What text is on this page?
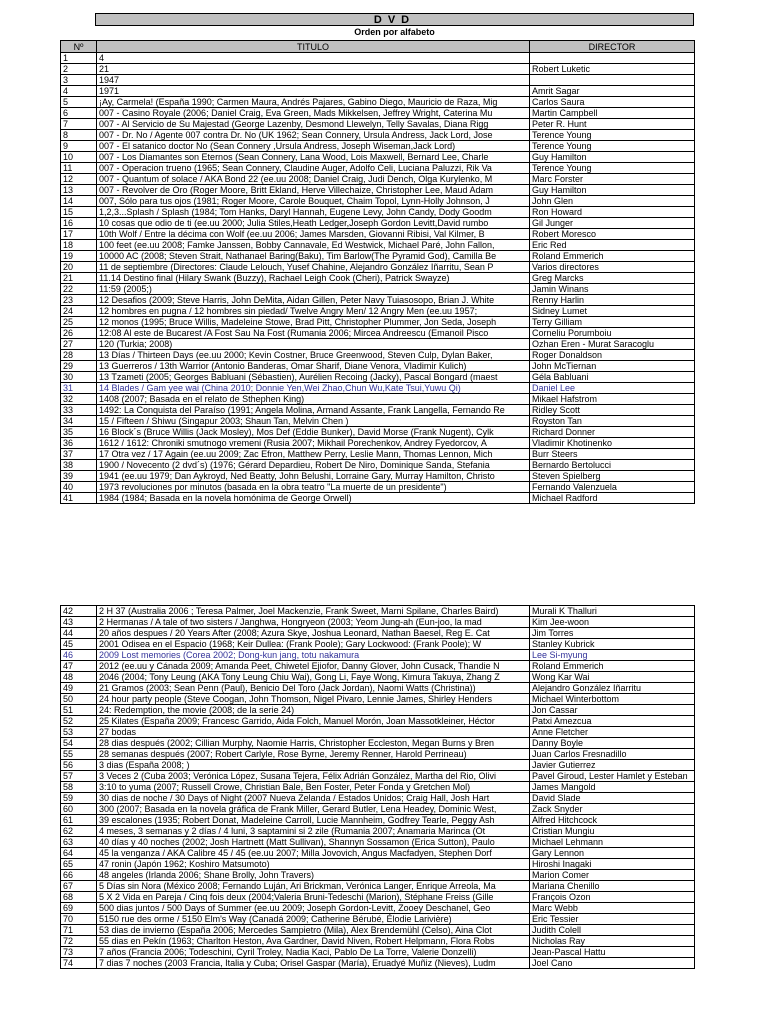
DVD
Orden por alfabeto
Nº	TITULO	DIRECTOR
1	4	
2	21	Robert Luketic
3	1947	
4	1971	Amrit Sagar
5	¡Ay, Carmela! (España 1990; Carmen Maura, Andrés Pajares, Gabino Diego, Mauricio de Raza, Mig	Carlos Saura
6	007 - Casino Royale (2006; Daniel Craig, Eva Green, Mads Mikkelsen, Jeffrey Wright, Caterina Mu	Martin Campbell
7	007 - Al Servicio de Su Majestad (George Lazenby, Desmond Llewelyn, Telly Savalas, Diana Rigg	Peter R. Hunt
8	007 - Dr. No / Agente 007 contra Dr. No (UK 1962; Sean Connery, Ursula Andress, Jack Lord, Jose	Terence Young
9	007 - El satanico doctor No (Sean Connery ,Ursula Andress, Joseph Wiseman,Jack Lord)	Terence Young
10	007 - Los Diamantes son Eternos (Sean Connery, Lana Wood, Lois Maxwell, Bernard Lee, Charle	Guy Hamilton
11	007 - Operacion trueno (1965; Sean Connery, Claudine Auger, Adolfo Celi, Luciana Paluzzi, Rik Va	Terence Young
12	007 - Quantum of solace / AKA Bond 22 (ee.uu 2008; Daniel Craig, Judi Dench, Olga Kurylenko, M	Marc Forster
13	007 - Revolver de Oro (Roger Moore, Britt Ekland, Herve Villechaize, Christopher Lee, Maud Adam	Guy Hamilton
14	007, Sólo para tus ojos (1981; Roger Moore, Carole Bouquet, Chaim Topol, Lynn-Holly Johnson, J	John Glen
15	1,2,3...Splash / Splash (1984; Tom Hanks, Daryl Hannah, Eugene Levy, John Candy, Dody Goodm	Ron Howard
16	10 cosas que odio de ti (ee.uu 2000; Julia Stiles,Heath Ledger,Joseph Gordon Levitt,David rumbo	Gil Junger
17	10th Wolf / Entre la décima con Wolf (ee.uu 2006; James Marsden, Giovanni Ribisi, Val Kilmer, B	Robert Moresco
18	100 feet (ee.uu 2008; Famke Janssen, Bobby Cannavale, Ed Westwick, Michael Paré, John Fallon,	Eric Red
19	10000 AC (2008; Steven Strait, Nathanael Baring(Baku), Tim Barlow(The Pyramid God), Camilla Be	Roland Emmerich
20	11 de septiembre (Directores: Claude Lelouch, Yusef Chahine, Alejandro González Iñarritu, Sean P	Varios directores
21	11.14 Destino final (Hilary Swank (Buzzy), Rachael Leigh Cook (Cheri), Patrick Swayze)	Greg Marcks
22	11:59 (2005;)	Jamin Winans
23	12 Desafios (2009; Steve Harris, John DeMita, Aidan Gillen, Peter Navy Tuiasosopo, Brian J. White	Renny Harlin
24	12 hombres en pugna / 12 hombres sin piedad/ Twelve Angry Men/ 12 Angry Men (ee.uu 1957;	Sidney Lumet
25	12 monos (1995; Bruce Willis, Madeleine Stowe, Brad Pitt, Christopher Plummer, Jon Seda, Joseph	Terry Gilliam
26	12:08 Al este de Bucarest /A Fost Sau Na Fost (Rumania 2006; Mircea Andreescu (Emanoil Pisco	Corneliu Porumboiu
27	120 (Turkia; 2008)	Ozhan Eren - Murat Saracoglu
28	13 Días / Thirteen Days (ee.uu 2000; Kevin Costner, Bruce Greenwood, Steven Culp, Dylan Baker,	Roger Donaldson
29	13 Guerreros / 13th Warrior (Antonio Banderas, Omar Sharif, Diane Venora, Vladimir Kulich)	John McTiernan
30	13 Tzameti (2005; Georges Babluani (Sébastien), Aurélien Recoing (Jacky), Pascal Bongard (maest	Géla Babluani
31	14 Blades / Gam yee wai (China 2010; Donnie Yen,Wei Zhao,Chun Wu,Kate Tsui,Yuwu Qi)	Daniel Lee
32	1408 (2007; Basada en el relato de Sthephen King)	Mikael Hafstrom
33	1492: La Conquista del Paraíso (1991; Angela Molina, Armand Assante, Frank Langella, Fernando Re	Ridley Scott
34	15 / Fifteen / Shiwu (Singapur 2003; Shaun Tan, Melvin Chen )	Royston Tan
35	16 Block´s (Bruce Willis (Jack Mosley), Mos Def (Eddie Bunker), David Morse (Frank Nugent), Cylk	Richard Donner
36	1612 / 1612: Chroniki smutnogo vremeni (Rusia 2007; Mikhail Porechenkov, Andrey Fyedorcov, A	Vladimir Khotinenko
37	17 Otra vez / 17 Again (ee.uu 2009; Zac Efron, Matthew Perry, Leslie Mann, Thomas Lennon, Mich	Burr Steers
38	1900 / Novecento (2 dvd´s) (1976; Gérard Depardieu, Robert De Niro, Dominique Sanda, Stefania	Bernardo Bertolucci
39	1941 (ee.uu 1979; Dan Aykroyd, Ned Beatty, John Belushi, Lorraine Gary, Murray Hamilton, Christo	Steven Spielberg
40	1973 revoluciones por minutos (basada en la obra teatro "La muerte de un presidente")	Fernando Valenzuela
41	1984 (1984; Basada en la novela homónima de George Orwell)	Michael Radford
42	2 H 37 (Australia 2006 ; Teresa Palmer, Joel Mackenzie, Frank Sweet, Marni Spilane, Charles Baird)	Murali K Thalluri
43	2 Hermanas / A tale of two sisters / Janghwa, Hongryeon (2003; Yeom Jung-ah (Eun-joo, la mad	Kim Jee-woon
44	20 años despues / 20 Years After (2008; Azura Skye, Joshua Leonard, Nathan Baesel, Reg E. Cat	Jim Torres
45	2001 Odisea en el Espacio (1968; Keir Dullea: (Frank Poole); Gary Lockwood: (Frank Poole); W	Stanley Kubrick
46	2009 Lost memories (Corea 2002; Dong-kun jang, totu nakamura	Lee Si-myung
47	2012 (ee.uu y Cánada 2009; Amanda Peet, Chiwetel Ejiofor, Danny Glover, John Cusack, Thandie N	Roland Emmerich
48	2046 (2004; Tony Leung (AKA Tony Leung Chiu Wai), Gong Li, Faye Wong, Kimura Takuya, Zhang Z	Wong Kar Wai
49	21 Gramos (2003; Sean Penn (Paul), Benicio Del Toro (Jack Jordan), Naomi Watts (Christina))	Alejandro González Iñarritu
50	24 hour party people (Steve Coogan, John Thomson, Nigel Pivaro, Lennie James, Shirley Henders	Michael Winterbottom
51	24: Redemption, the movie (2008; de la serie 24)	Jon Cassar
52	25 Kilates (España 2009; Francesc Garrido, Aida Folch, Manuel Morón, Joan Massotkleiner, Héctor	Patxi Amezcua
53	27 bodas	Anne Fletcher
54	28 dias después (2002; Cillian Murphy, Naomie Harris, Christopher Eccleston, Megan Burns y Bren	Danny Boyle
55	28 semanas después (2007; Robert Carlyle, Rose Byrne, Jeremy Renner, Harold Perrineau)	Juan Carlos Fresnadillo
56	3 dias (España 2008; )	Javier Gutierrez
57	3 Veces 2 (Cuba 2003; Verónica López, Susana Tejera, Félix Adrián González, Martha del Rio, Olivi	Pavel Giroud, Lester Hamlet y Esteban
58	3:10 to yuma (2007; Russell Crowe, Christian Bale, Ben Foster, Peter Fonda y Gretchen Mol)	James Mangold
59	30 dias de noche / 30 Days of Night (2007 Nueva Zelanda / Estados Unidos; Craig Hall, Josh Hart	David Slade
60	300 (2007; Basada en la novela gráfica de Frank Miller, Gerard Butler, Lena Headey, Dominic West,	Zack Snyder
61	39 escalones (1935; Robert Donat, Madeleine Carroll, Lucie Mannheim, Godfrey Tearle, Peggy Ash	Alfred Hitchcock
62	4 meses, 3 semanas y 2 días / 4 luni, 3 saptamini si 2 zile (Rumania 2007; Anamaria Marinca (Ot	Cristian Mungiu
63	40 días y 40 noches (2002; Josh Hartnett (Matt Sullivan), Shannyn Sossamon (Erica Sutton), Paulo	Michael Lehmann
64	45 la venganza / AKA Calibre 45 / 45 (ee.uu 2007; Milla Jovovich, Angus Macfadyen, Stephen Dorf	Gary Lennon
65	47 ronin (Japón 1962; Koshiro Matsumoto)	Hiroshi Inagaki
66	48 angeles (Irlanda 2006; Shane Brolly, John Travers)	Marion Comer
67	5 Días sin Nora (México 2008; Fernando Luján, Ari Brickman, Verónica Langer, Enrique Arreola, Ma	Mariana Chenillo
68	5 X 2 Vida en Pareja / Cinq fois deux (2004;Valeria Bruni-Tedeschi (Marion), Stéphane Freiss (Gille	François Ozon
69	500 dias juntos / 500 Days of Summer (ee.uu 2009; Joseph Gordon-Levitt, Zooey Deschanel, Geo	Marc Webb
70	5150 rue des orme / 5150 Elm's Way (Canadá 2009; Catherine Bérubé, Élodie Larivière)	Eric Tessier
71	53 dias de invierno (España 2006; Mercedes Sampietro (Mila), Alex Brendemühl (Celso), Aina Clot	Judith Colell
72	55 dias en Pekín (1963; Charlton Heston, Ava Gardner, David Niven, Robert Helpmann, Flora Robs	Nicholas Ray
73	7 años (Francia 2006; Todeschini, Cyril Troley, Nadia Kaci, Pablo De La Torre, Valerie Donzelli)	Jean-Pascal Hattu
74	7 dias 7 noches (2003 Francia, Italia y Cuba; Orisel Gaspar (María), Eruadyé Muñiz (Nieves), Ludm	Joel Cano
